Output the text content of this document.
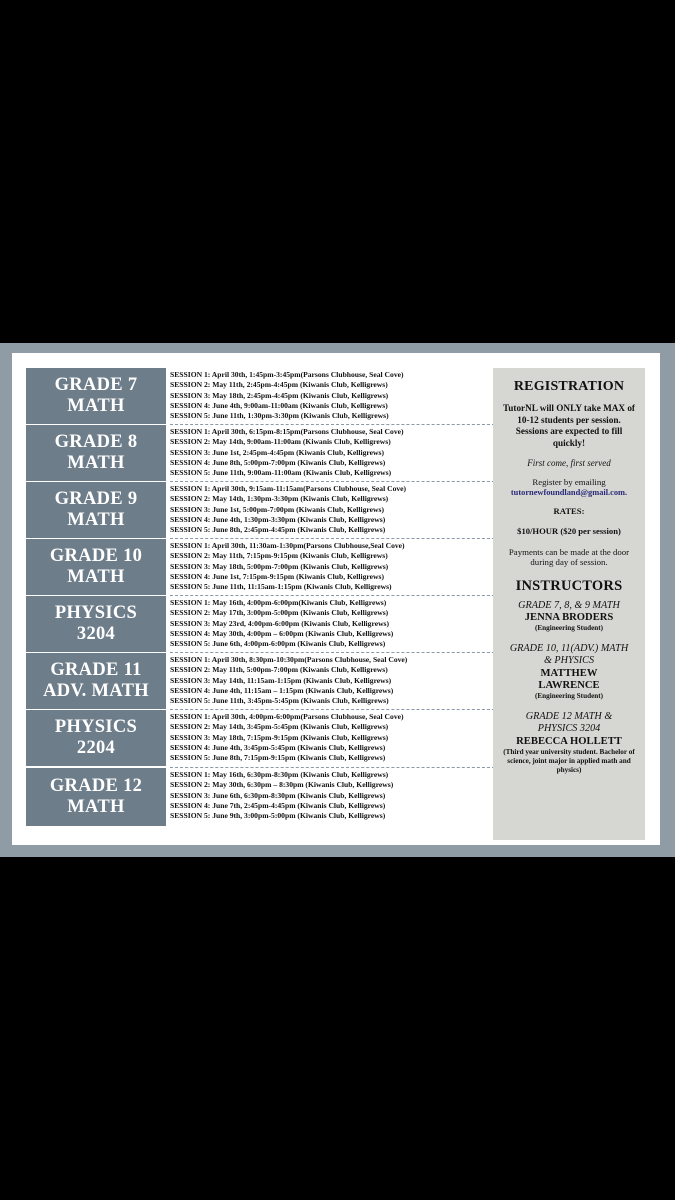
GRADE 7
MATH
GRADE 8
MATH
GRADE 9
MATH
GRADE 10
MATH
PHYSICS
3204
GRADE 11
ADV. MATH
PHYSICS
2204
GRADE 12
MATH
SESSION 1: April 30th, 1:45pm-3:45pm(Parsons Clubhouse, Seal Cove)
SESSION 2: May 11th, 2:45pm-4:45pm (Kiwanis Club, Kelligrews)
SESSION 3: May 18th, 2:45pm-4:45pm (Kiwanis Club, Kelligrews)
SESSION 4: June 4th, 9:00am-11:00am (Kiwanis Club, Kelligrews)
SESSION 5: June 11th, 1:30pm-3:30pm (Kiwanis Club, Kelligrews)
SESSION 1: April 30th, 6:15pm-8:15pm(Parsons Clubhouse, Seal Cove)
SESSION 2: May 14th, 9:00am-11:00am (Kiwanis Club, Kelligrews)
SESSION 3: June 1st, 2:45pm-4:45pm (Kiwanis Club, Kelligrews)
SESSION 4: June 8th, 5:00pm-7:00pm (Kiwanis Club, Kelligrews)
SESSION 5: June 11th, 9:00am-11:00am (Kiwanis Club, Kelligrews)
SESSION 1: April 30th, 9:15am-11:15am(Parsons Clubhouse, Seal Cove)
SESSION 2: May 14th, 1:30pm-3:30pm (Kiwanis Club, Kelligrews)
SESSION 3: June 1st, 5:00pm-7:00pm (Kiwanis Club, Kelligrews)
SESSION 4: June 4th, 1:30pm-3:30pm (Kiwanis Club, Kelligrews)
SESSION 5: June 8th, 2:45pm-4:45pm (Kiwanis Club, Kelligrews)
SESSION 1: April 30th, 11:30am-1:30pm(Parsons Clubhouse,Seal Cove)
SESSION 2: May 11th, 7:15pm-9:15pm (Kiwanis Club, Kelligrews)
SESSION 3: May 18th, 5:00pm-7:00pm (Kiwanis Club, Kelligrews)
SESSION 4: June 1st, 7:15pm-9:15pm (Kiwanis Club, Kelligrews)
SESSION 5: June 11th, 11:15am-1:15pm (Kiwanis Club, Kelligrews)
SESSION 1: May 16th, 4:00pm-6:00pm(Kiwanis Club, Kelligrews)
SESSION 2: May 17th, 3:00pm-5:00pm (Kiwanis Club, Kelligrews)
SESSION 3: May 23rd, 4:00pm-6:00pm (Kiwanis Club, Kelligrews)
SESSION 4: May 30th, 4:00pm – 6:00pm (Kiwanis Club, Kelligrews)
SESSION 5: June 6th, 4:00pm-6:00pm (Kiwanis Club, Kelligrews)
SESSION 1: April 30th, 8:30pm-10:30pm(Parsons Clubhouse, Seal Cove)
SESSION 2: May 11th, 5:00pm-7:00pm (Kiwanis Club, Kelligrews)
SESSION 3: May 14th, 11:15am-1:15pm (Kiwanis Club, Kelligrews)
SESSION 4: June 4th, 11:15am – 1:15pm (Kiwanis Club, Kelligrews)
SESSION 5: June 11th, 3:45pm-5:45pm (Kiwanis Club, Kelligrews)
SESSION 1: April 30th, 4:00pm-6:00pm(Parsons Clubhouse, Seal Cove)
SESSION 2: May 14th, 3:45pm-5:45pm (Kiwanis Club, Kelligrews)
SESSION 3: May 18th, 7:15pm-9:15pm (Kiwanis Club, Kelligrews)
SESSION 4: June 4th, 3:45pm-5:45pm (Kiwanis Club, Kelligrews)
SESSION 5: June 8th, 7:15pm-9:15pm (Kiwanis Club, Kelligrews)
SESSION 1: May 16th, 6:30pm-8:30pm (Kiwanis Club, Kelligrews)
SESSION 2: May 30th, 6:30pm – 8:30pm (Kiwanis Club, Kelligrews)
SESSION 3: June 6th, 6:30pm-8:30pm (Kiwanis Club, Kelligrews)
SESSION 4: June 7th, 2:45pm-4:45pm (Kiwanis Club, Kelligrews)
SESSION 5: June 9th, 3:00pm-5:00pm (Kiwanis Club, Kelligrews)
REGISTRATION
TutorNL will ONLY take MAX of 10-12 students per session. Sessions are expected to fill quickly!
First come, first served
Register by emailing
tutornewfoundland@gmail.com.
RATES:
$10/HOUR ($20 per session)
Payments can be made at the door during day of session.
INSTRUCTORS
GRADE 7, 8, & 9 MATH
JENNA BRODERS
(Engineering Student)
GRADE 10, 11(ADV.) MATH & PHYSICS
MATTHEW LAWRENCE
(Engineering Student)
GRADE 12 MATH & PHYSICS 3204
REBECCA HOLLETT
(Third year university student. Bachelor of science, joint major in applied math and physics)
